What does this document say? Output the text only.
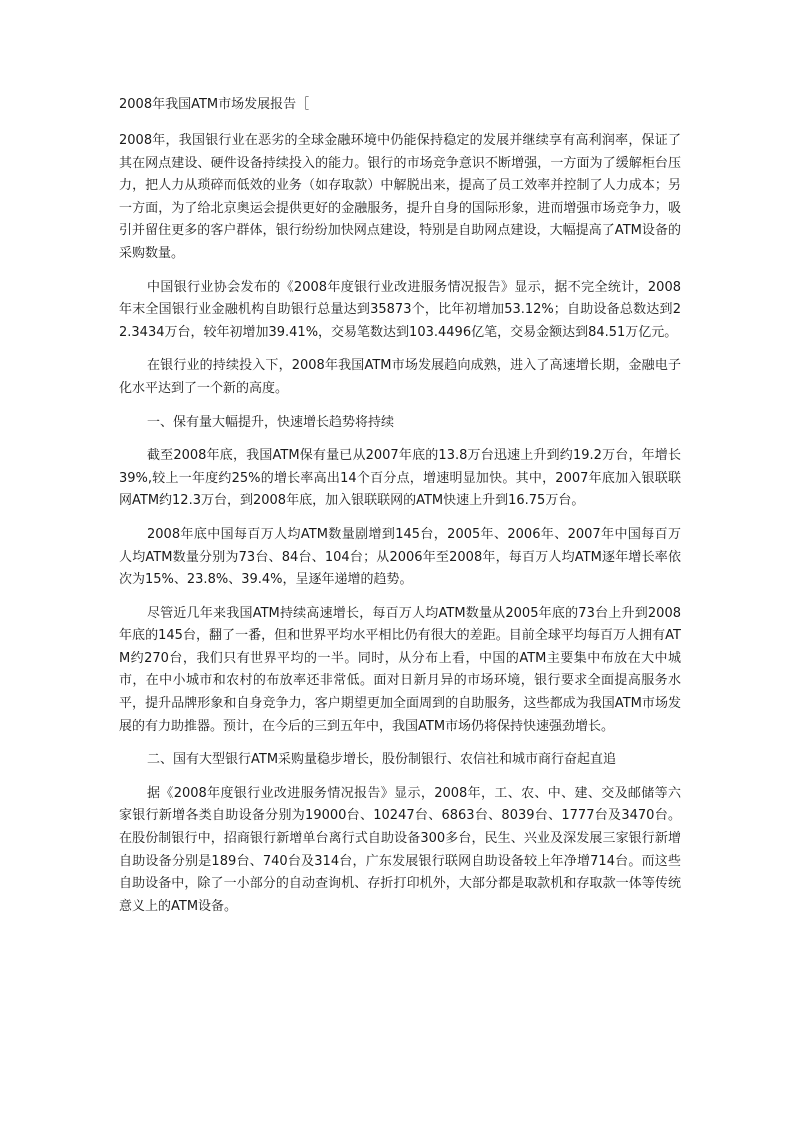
2008年我国ATM市场发展报告［

2008年，我国银行业在恶劣的全球金融环境中仍能保持稳定的发展并继续享有高利润率，保证了其在网点建设、硬件设备持续投入的能力。银行的市场竞争意识不断增强，一方面为了缓解柜台压力，把人力从琐碎而低效的业务（如存取款）中解脱出来，提高了员工效率并控制了人力成本；另一方面，为了给北京奥运会提供更好的金融服务，提升自身的国际形象，进而增强市场竞争力，吸引并留住更多的客户群体，银行纷纷加快网点建设，特别是自助网点建设，大幅提高了ATM设备的采购数量。

中国银行业协会发布的《2008年度银行业改进服务情况报告》显示，据不完全统计，2008年末全国银行业金融机构自助银行总量达到35873个，比年初增加53.12%；自助设备总数达到22.3434万台，较年初增加39.41%，交易笔数达到103.4496亿笔，交易金额达到84.51万亿元。

在银行业的持续投入下，2008年我国ATM市场发展趋向成熟，进入了高速增长期，金融电子化水平达到了一个新的高度。

一、保有量大幅提升，快速增长趋势将持续

截至2008年底，我国ATM保有量已从2007年底的13.8万台迅速上升到约19.2万台，年增长39%,较上一年度约25%的增长率高出14个百分点，增速明显加快。其中，2007年底加入银联联网ATM约12.3万台，到2008年底，加入银联联网的ATM快速上升到16.75万台。

2008年底中国每百万人均ATM数量剧增到145台，2005年、2006年、2007年中国每百万人均ATM数量分别为73台、84台、104台；从2006年至2008年，每百万人均ATM逐年增长率依次为15%、23.8%、39.4%，呈逐年递增的趋势。

尽管近几年来我国ATM持续高速增长，每百万人均ATM数量从2005年底的73台上升到2008年底的145台，翻了一番，但和世界平均水平相比仍有很大的差距。目前全球平均每百万人拥有ATM约270台，我们只有世界平均的一半。同时，从分布上看，中国的ATM主要集中布放在大中城市，在中小城市和农村的布放率还非常低。面对日新月异的市场环境，银行要求全面提高服务水平，提升品牌形象和自身竞争力，客户期望更加全面周到的自助服务，这些都成为我国ATM市场发展的有力助推器。预计，在今后的三到五年中，我国ATM市场仍将保持快速强劲增长。

二、国有大型银行ATM采购量稳步增长，股份制银行、农信社和城市商行奋起直追

据《2008年度银行业改进服务情况报告》显示，2008年，工、农、中、建、交及邮储等六家银行新增各类自助设备分别为19000台、10247台、6863台、8039台、1777台及3470台。在股份制银行中，招商银行新增单台离行式自助设备300多台，民生、兴业及深发展三家银行新增自助设备分别是189台、740台及314台，广东发展银行联网自助设备较上年净增714台。而这些自助设备中，除了一小部分的自动查询机、存折打印机外，大部分都是取款机和存取款一体等传统意义上的ATM设备。
